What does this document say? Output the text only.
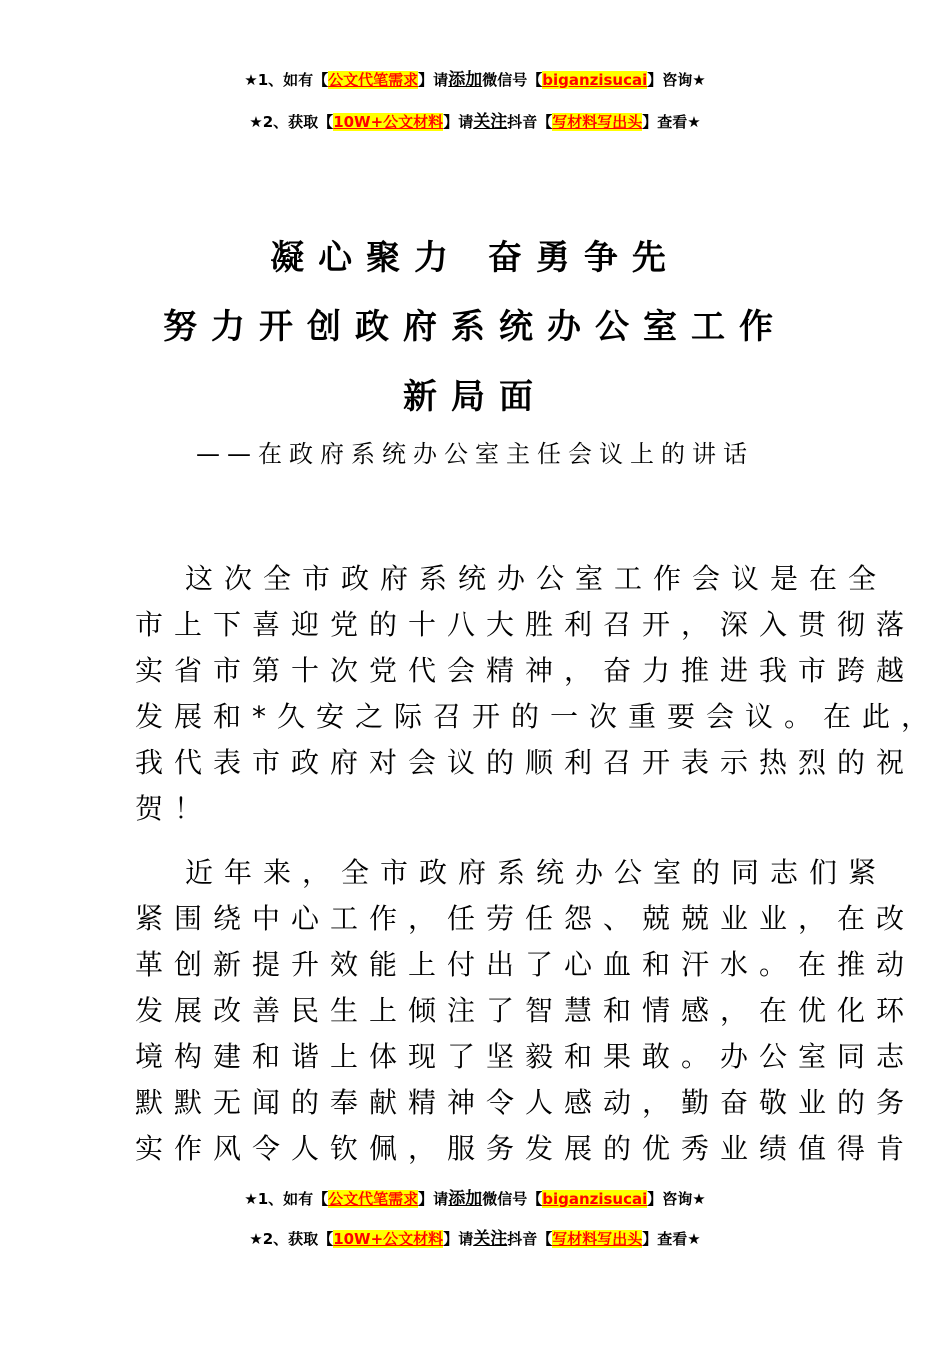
★1、如有【公文代笔需求】请添加微信号【biganzisucai】咨询★
★2、获取【10W+公文材料】请关注抖音【写材料写出头】查看★
凝心聚力 奋勇争先
努力开创政府系统办公室工作
新局面
——在政府系统办公室主任会议上的讲话
这次全市政府系统办公室工作会议是在全
市上下喜迎党的十八大胜利召开，深入贯彻落
实省市第十次党代会精神，奋力推进我市跨越
发展和*久安之际召开的一次重要会议。在此，
我代表市政府对会议的顺利召开表示热烈的祝
贺！
近年来，全市政府系统办公室的同志们紧
紧围绕中心工作，任劳任怨、兢兢业业，在改
革创新提升效能上付出了心血和汗水。在推动
发展改善民生上倾注了智慧和情感，在优化环
境构建和谐上体现了坚毅和果敢。办公室同志
默默无闻的奉献精神令人感动，勤奋敬业的务
实作风令人钦佩，服务发展的优秀业绩值得肯
★1、如有【公文代笔需求】请添加微信号【biganzisucai】咨询★
★2、获取【10W+公文材料】请关注抖音【写材料写出头】查看★
